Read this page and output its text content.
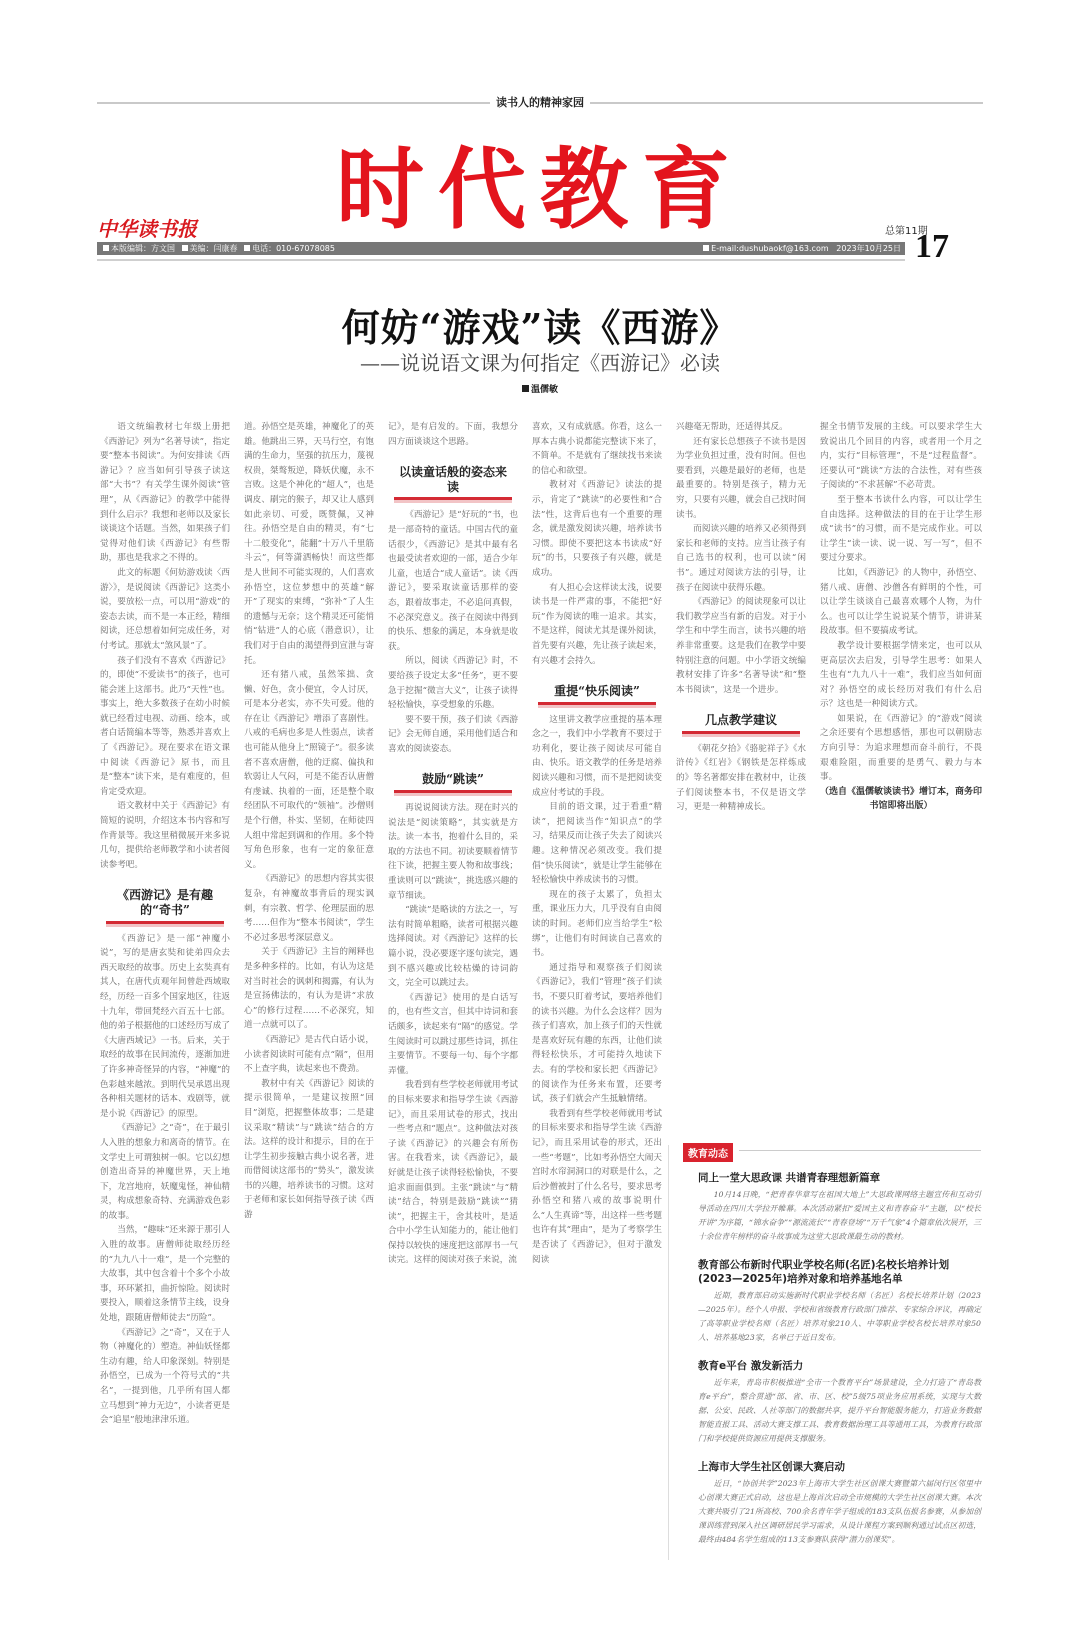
读书人的精神家园
时代教育
中华读书报	总第11期
本版编辑：方文国 美编：闫康春 电话：010-67078085	E-mail:dushubaokf@163.com 2023年10月25日 17
何妨“游戏”读《西游》
——说说语文课为何指定《西游记》必读
温儒敏

语文统编教材七年级上册把《西游记》列为“名著导读”，指定要“整本书阅读”。为何安排读《西游记》？应当如何引导孩子读这部“大书”？有关学生课外阅读“管理”，从《西游记》的教学中能得到什么启示？我想和老师以及家长谈谈这个话题。当然，如果孩子们觉得对他们读《西游记》有些帮助，那也是我求之不得的。

此文的标题《何妨游戏读〈西游〉》，是说阅读《西游记》这类小说，要放松一点，可以用“游戏”的姿态去读，而不是一本正经，精细阅读，还总想着如何完成任务，对付考试。那就太“煞风景”了。

孩子们没有不喜欢《西游记》的，即使“不爱读书”的孩子，也可能会迷上这部书。此乃“天性”也。事实上，绝大多数孩子在幼小时候就已经看过电视、动画、绘本，或者白话简编本等等，熟悉并喜欢上了《西游记》。现在要求在语文课中阅读《西游记》原书，而且是“整本”读下来，是有难度的，但肯定受欢迎。

语文教材中关于《西游记》有简短的说明，介绍这本书内容和写作背景等。我这里稍微展开来多说几句，提供给老师教学和小读者阅读参考吧。

《西游记》是有趣的“奇书”

《西游记》是一部“神魔小说”，写的是唐玄奘和徒弟四众去西天取经的故事。历史上玄奘真有其人，在唐代贞观年间曾赴西域取经，历经一百多个国家地区，往返十九年，带回梵经六百五十七部。他的弟子根据他的口述经历写成了《大唐西域记》一书。后来，关于取经的故事在民间流传，逐渐加进了许多神奇怪异的内容，“神魔”的色彩越来越浓。到明代吴承恩出现各种相关题材的话本、戏剧等，就是小说《西游记》的原型。

《西游记》之“奇”，在于最引人入胜的想象力和离奇的情节。在文学史上可谓独树一帜。它以幻想创造出奇异的神魔世界，天上地下，龙宫地府，妖魔鬼怪，神仙精灵，构成想象奇特、充满游戏色彩的故事。

当然，“趣味”还来源于那引人入胜的故事。唐僧师徒取经历经的“九九八十一难”，是一个完整的大故事，其中包含着十个多个小故事，环环紧扣，曲折惊险。阅读时要投入，顺着这条情节主线，设身处地，跟随唐僧师徒去“历险”。

《西游记》之“奇”，又在于人物（神魔化的）塑造。神仙妖怪都生动有趣，给人印象深刻。特别是孙悟空，已成为一个符号式的“共名”，一提到他，几乎所有国人都立马想到“神力无边”，小读者更是会“追星”般地津津乐道。

道。孙悟空是英雄，神魔化了的英雄。他跳出三界，天马行空，有饱满的生命力，坚强的抗压力，蔑视权贵，桀骜叛逆，降妖伏魔，永不言败。这是个神化的“超人”，也是调皮、刷完的猴子，却又让人感到如此亲切、可爱，既赞佩，又神往。孙悟空是自由的精灵，有“七十二般变化”，能翻“十万八千里筋斗云”，何等潇洒畅快！而这些都是人世间不可能实现的，人们喜欢孙悟空，这位梦想中的英雄“解开”了现实的束缚，“弥补”了人生的遗憾与无奈；这个精灵还可能悄悄“钻进”人的心底（潜意识），让我们对于自由的渴望得到宣泄与寄托。

还有猪八戒，虽然笨拙、贪懒、好色，贪小便宜，令人讨厌，可是本分老实，亦不失可爱。他的存在让《西游记》增添了喜剧性。八戒的毛病也多是人性弱点，读者也可能从他身上“照镜子”。很多读者不喜欢唐僧，他的迂腐、偏执和软弱让人气闷，可是不能否认唐僧有虔诚、执着的一面，还是整个取经团队不可取代的“领袖”。沙僧则是个行僧，朴实、坚韧，在师徒四人组中常起到调和的作用。多个特写角色形象，也有一定的象征意义。

《西游记》的思想内容其实很复杂，有神魔故事背后的现实讽刺，有宗教、哲学、伦理层面的思考……但作为“整本书阅读”，学生不必过多思考深层意义。

关于《西游记》主旨的阐释也是多种多样的。比如，有认为这是对当时社会的讽刺和揭露，有认为是宣扬佛法的，有认为是讲“求放心”的修行过程……不必深究，知道一点就可以了。

《西游记》是古代白话小说，小读者阅读时可能有点“隔”，但用不上查字典，读起来也不费劲。

教材中有关《西游记》阅读的提示很简单，一是建议按照“回目”浏览，把握整体故事；二是建议采取“精读”与“跳读”结合的方法。这样的设计和提示，目的在于让学生初步接触古典小说名著，进而借阅读这部书的“势头”，激发读书的兴趣，培养读书的习惯。这对于老师和家长如何指导孩子读《西游

记》，是有启发的。下面，我想分四方面谈谈这个思路。

以读童话般的姿态来读

《西游记》是“好玩的”书，也是一部奇特的童话。中国古代的童话很少，《西游记》是其中最有名也最受读者欢迎的一部，适合少年儿童，也适合“成人童话”。读《西游记》，要采取读童话那样的姿态，跟着故事走，不必追问真假，不必深究意义。孩子在阅读中得到的快乐、想象的满足，本身就是收获。

所以，阅读《西游记》时，不要给孩子设定太多“任务”，更不要急于挖掘“微言大义”，让孩子读得轻松愉快，享受想象的乐趣。

要不要干预，孩子们读《西游记》会无师自通，采用他们适合和喜欢的阅读姿态。

鼓励“跳读”

再说说阅读方法。现在时兴的说法是“阅读策略”，其实就是方法。读一本书，抱着什么目的，采取的方法也不同。初读要顺着情节往下读，把握主要人物和故事线；重读则可以“跳读”，挑选感兴趣的章节细读。

“跳读”是略读的方法之一，写法有时简单粗略，读者可根据兴趣选择阅读。对《西游记》这样的长篇小说，没必要逐字逐句读完，遇到不感兴趣或比较枯燥的诗词韵文，完全可以跳过去。

《西游记》使用的是白话写的，也有些文言，但其中诗词和套话颇多，读起来有“隔”的感觉。学生阅读时可以跳过那些诗词，抓住主要情节。不要每一句、每个字都弄懂。

我看到有些学校老师就用考试的目标来要求和指导学生读《西游记》，而且采用试卷的形式，找出一些考点和“题点”。这种做法对孩子读《西游记》的兴趣会有所伤害。在我看来，读《西游记》，最好就是让孩子读得轻松愉快，不要追求面面俱到。主张“跳读”与“精读”结合，特别是鼓励“跳读”“猜读”，把握主干，舍其枝叶，是适合中小学生认知能力的，能让他们保持以较快的速度把这部厚书一气读完。这样的阅读对孩子来说，流

喜欢，又有成就感。你看，这么一厚本古典小说都能完整读下来了，不简单。不是就有了继续找书来读的信心和欲望。

教材对《西游记》读法的提示，肯定了“跳读”的必要性和“合法”性，这背后也有一个重要的理念，就是激发阅读兴趣，培养读书习惯。即使不要把这本书读成“好玩”的书，只要孩子有兴趣，就是成功。

有人担心会这样读太浅，说要读书是一件严肃的事，不能把“好玩”作为阅读的唯一追求。其实，不是这样，阅读尤其是课外阅读，首先要有兴趣，先让孩子读起来，有兴趣才会持久。

重提“快乐阅读”

这里讲文教学应重提的基本理念之一，我们中小学教育不要过于功利化，要让孩子阅读尽可能自由、快乐。语文教学的任务是培养阅读兴趣和习惯，而不是把阅读变成应付考试的手段。

目前的语文课，过于看重“精读”，把阅读当作“知识点”的学习，结果反而让孩子失去了阅读兴趣。这种情况必须改变。我们提倡“快乐阅读”，就是让学生能够在轻松愉快中养成读书的习惯。

现在的孩子太累了，负担太重，课业压力大，几乎没有自由阅读的时间。老师们应当给学生“松绑”，让他们有时间读自己喜欢的书。

通过指导和观察孩子们阅读《西游记》，我们“管理”孩子们读书，不要只盯着考试，要培养他们的读书兴趣。为什么会这样？因为孩子们喜欢，加上孩子们的天性就是喜欢好玩有趣的东西，让他们读得轻松快乐，才可能持久地读下去。有的学校和家长把《西游记》的阅读作为任务来布置，还要考试，孩子们就会产生抵触情绪。

我看到有些学校老师就用考试的目标来要求和指导学生读《西游记》，而且采用试卷的形式，还出一些“考题”，比如考孙悟空大闹天宫时水帘洞洞口的对联是什么，之后沙僧被封了什么名号，要求思考孙悟空和猪八戒的故事说明什么“人生真谛”等，出这样一些考题也许有其“理由”，是为了考察学生是否读了《西游记》，但对于激发阅读

兴趣毫无帮助，还适得其反。

还有家长总想孩子不读书是因为学业负担过重，没有时间。但也要看到，兴趣是最好的老师，也是最重要的。特别是孩子，精力无穷，只要有兴趣，就会自己找时间读书。

而阅读兴趣的培养又必须得到家长和老师的支持。应当让孩子有自己选书的权利，也可以读“闲书”。通过对阅读方法的引导，让孩子在阅读中获得乐趣。

《西游记》的阅读现象可以让我们教学应当有新的启发。对于小学生和中学生而言，读书兴趣的培养非常重要。这是我们在教学中要特别注意的问题。中小学语文统编教材安排了许多“名著导读”和“整本书阅读”，这是一个进步。

几点教学建议

《朝花夕拾》《骆驼祥子》《水浒传》《红岩》《钢铁是怎样炼成的》等名著都安排在教材中，让孩子们阅读整本书，不仅是语文学习，更是一种精神成长。

握全书情节发展的主线。可以要求学生大致说出几个回目的内容，或者用一个月之内，实行“目标管理”，不是“过程监督”。还要认可“跳读”方法的合法性，对有些孩子阅读的“不求甚解”不必苛责。

至于整本书读什么内容，可以让学生自由选择。这种做法的目的在于让学生形成“读书”的习惯，而不是完成作业。可以让学生“读一读、说一说、写一写”，但不要过分要求。

比如，《西游记》的人物中，孙悟空、猪八戒、唐僧、沙僧各有鲜明的个性，可以让学生谈谈自己最喜欢哪个人物，为什么。也可以让学生说说某个情节，讲讲某段故事。但不要搞成考试。

教学设计要根据学情来定，也可以从更高层次去启发，引导学生思考：如果人生也有“九九八十一难”，我们应当如何面对？孙悟空的成长经历对我们有什么启示？这也是一种阅读方式。

如果说，在《西游记》的“游戏”阅读之余还要有个思想感悟，那也可以朝励志方向引导：为追求理想而奋斗前行，不畏艰难险阻，而重要的是勇气、毅力与本事。

（选自《温儒敏谈读书》增订本，商务印书馆即将出版）

教育动态
同上一堂大思政课 共谱青春理想新篇章
10月14日晚，“把青春华章写在祖国大地上”大思政课网络主题宣传和互动引导活动在四川大学拉开帷幕。本次活动紧扣“爱国主义和青春奋斗”主题，以“校长开讲”为序篇，“锦水奋争”“源流流长”“青春登场”“万千气象”4个篇章依次展开，三十余位青年榜样的奋斗故事成为这堂大思政课最生动的教材。
教育部公布新时代职业学校名师(名匠)名校长培养计划(2023—2025年)培养对象和培养基地名单
近期，教育部启动实施新时代职业学校名师（名匠）名校长培养计划（2023—2025年）。经个人申报、学校和省级教育行政部门推荐、专家综合评议，再确定了高等职业学校名师（名匠）培养对象210人、中等职业学校名校长培养对象50人、培养基地23家，名单已于近日发布。
教育e平台 激发新活力
近年来，青岛市积极推进“全市一个教育平台”场景建设，全力打造了“青岛教育e平台”，整合贯通“部、省、市、区、校”5级75项业务应用系统，实现与大数据、公安、民政、人社等部门的数据共享，提升平台智能服务能力，打造业务数据智能直报工具、活动大赛支撑工具、教育数据治理工具等通用工具，为教育行政部门和学校提供资源应用提供支撑服务。
上海市大学生社区创课大赛启动
近日，“协创共学”2023年上海市大学生社区创课大赛暨第六届闵行区邻里中心创课大赛正式启动，这也是上海首次启动全市规模的大学生社区创课大赛。本次大赛共吸引了21所高校、700余名青年学子组成的183支队伍报名参赛，从参加创课训练营到深入社区调研居民学习需求，从设计课程方案到顺利通过试点区初选，最终由484名学生组成的113支参赛队获得“潜力创课奖”。
